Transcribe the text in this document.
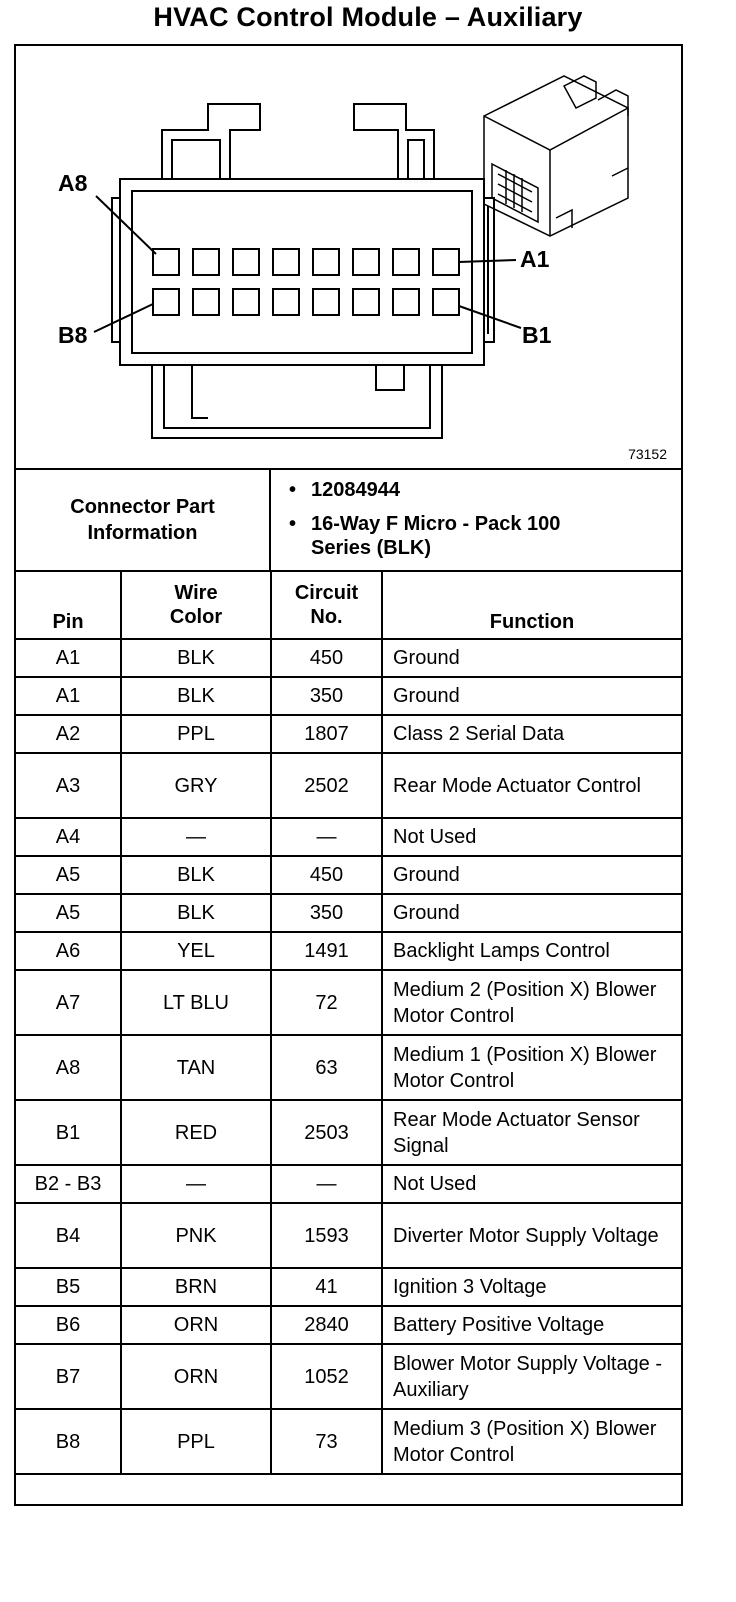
HVAC Control Module – Auxiliary
A8
A1
B8	B1
73152
Connector Part Information
• 12084944
• 16-Way F Micro - Pack 100 Series (BLK)
Pin	Wire Color	Circuit No.	Function
A1	BLK	450	Ground
A1	BLK	350	Ground
A2	PPL	1807	Class 2 Serial Data
A3	GRY	2502	Rear Mode Actuator Control
A4	—	—	Not Used
A5	BLK	450	Ground
A5	BLK	350	Ground
A6	YEL	1491	Backlight Lamps Control
A7	LT BLU	72	Medium 2 (Position X) Blower Motor Control
A8	TAN	63	Medium 1 (Position X) Blower Motor Control
B1	RED	2503	Rear Mode Actuator Sensor Signal
B2 - B3	—	—	Not Used
B4	PNK	1593	Diverter Motor Supply Voltage
B5	BRN	41	Ignition 3 Voltage
B6	ORN	2840	Battery Positive Voltage
B7	ORN	1052	Blower Motor Supply Voltage - Auxiliary
B8	PPL	73	Medium 3 (Position X) Blower Motor Control
